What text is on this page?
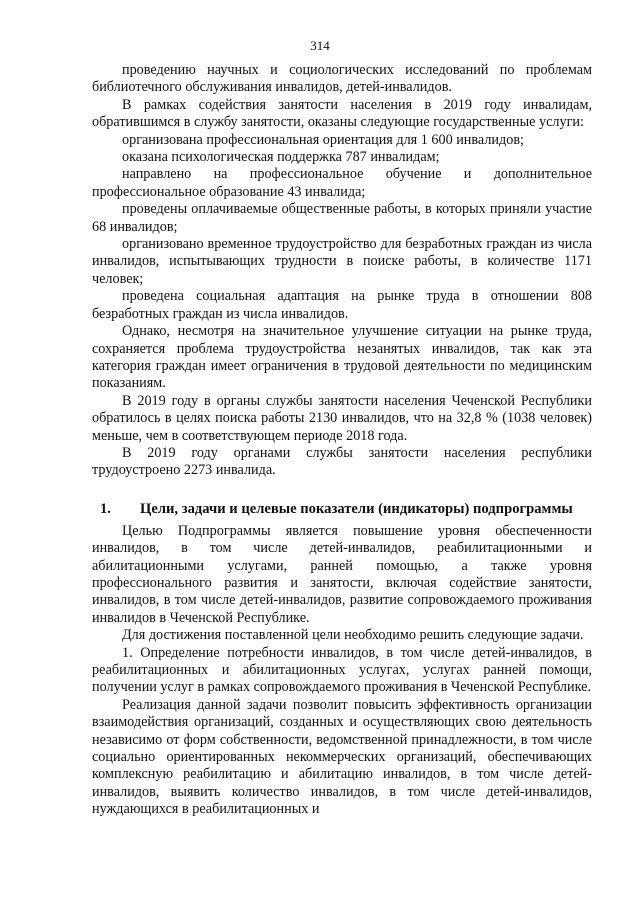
314

проведению научных и социологических исследований по проблемам библиотечного обслуживания инвалидов, детей-инвалидов.

В рамках содействия занятости населения в 2019 году инвалидам, обратившимся в службу занятости, оказаны следующие государственные услуги:

организована профессиональная ориентация для 1 600 инвалидов;

оказана психологическая поддержка 787 инвалидам;

направлено на профессиональное обучение и дополнительное профессиональное образование 43 инвалида;

проведены оплачиваемые общественные работы, в которых приняли участие 68 инвалидов;

организовано временное трудоустройство для безработных граждан из числа инвалидов, испытывающих трудности в поиске работы, в количестве 1171 человек;

проведена социальная адаптация на рынке труда в отношении 808 безработных граждан из числа инвалидов.

Однако, несмотря на значительное улучшение ситуации на рынке труда, сохраняется проблема трудоустройства незанятых инвалидов, так как эта категория граждан имеет ограничения в трудовой деятельности по медицинским показаниям.

В 2019 году в органы службы занятости населения Чеченской Республики обратилось в целях поиска работы 2130 инвалидов, что на 32,8 % (1038 человек) меньше, чем в соответствующем периоде 2018 года.

В 2019 году органами службы занятости населения республики трудоустроено 2273 инвалида.

1.	Цели, задачи и целевые показатели (индикаторы) подпрограммы

Целью Подпрограммы является повышение уровня обеспеченности инвалидов, в том числе детей-инвалидов, реабилитационными и абилитационными услугами, ранней помощью, а также уровня профессионального развития и занятости, включая содействие занятости, инвалидов, в том числе детей-инвалидов, развитие сопровождаемого проживания инвалидов в Чеченской Республике.

Для достижения поставленной цели необходимо решить следующие задачи.

1. Определение потребности инвалидов, в том числе детей-инвалидов, в реабилитационных и абилитационных услугах, услугах ранней помощи, получении услуг в рамках сопровождаемого проживания в Чеченской Республике.

Реализация данной задачи позволит повысить эффективность организации взаимодействия организаций, созданных и осуществляющих свою деятельность независимо от форм собственности, ведомственной принадлежности, в том числе социально ориентированных некоммерческих организаций, обеспечивающих комплексную реабилитацию и абилитацию инвалидов, в том числе детей-инвалидов, выявить количество инвалидов, в том числе детей-инвалидов, нуждающихся в реабилитационных и
